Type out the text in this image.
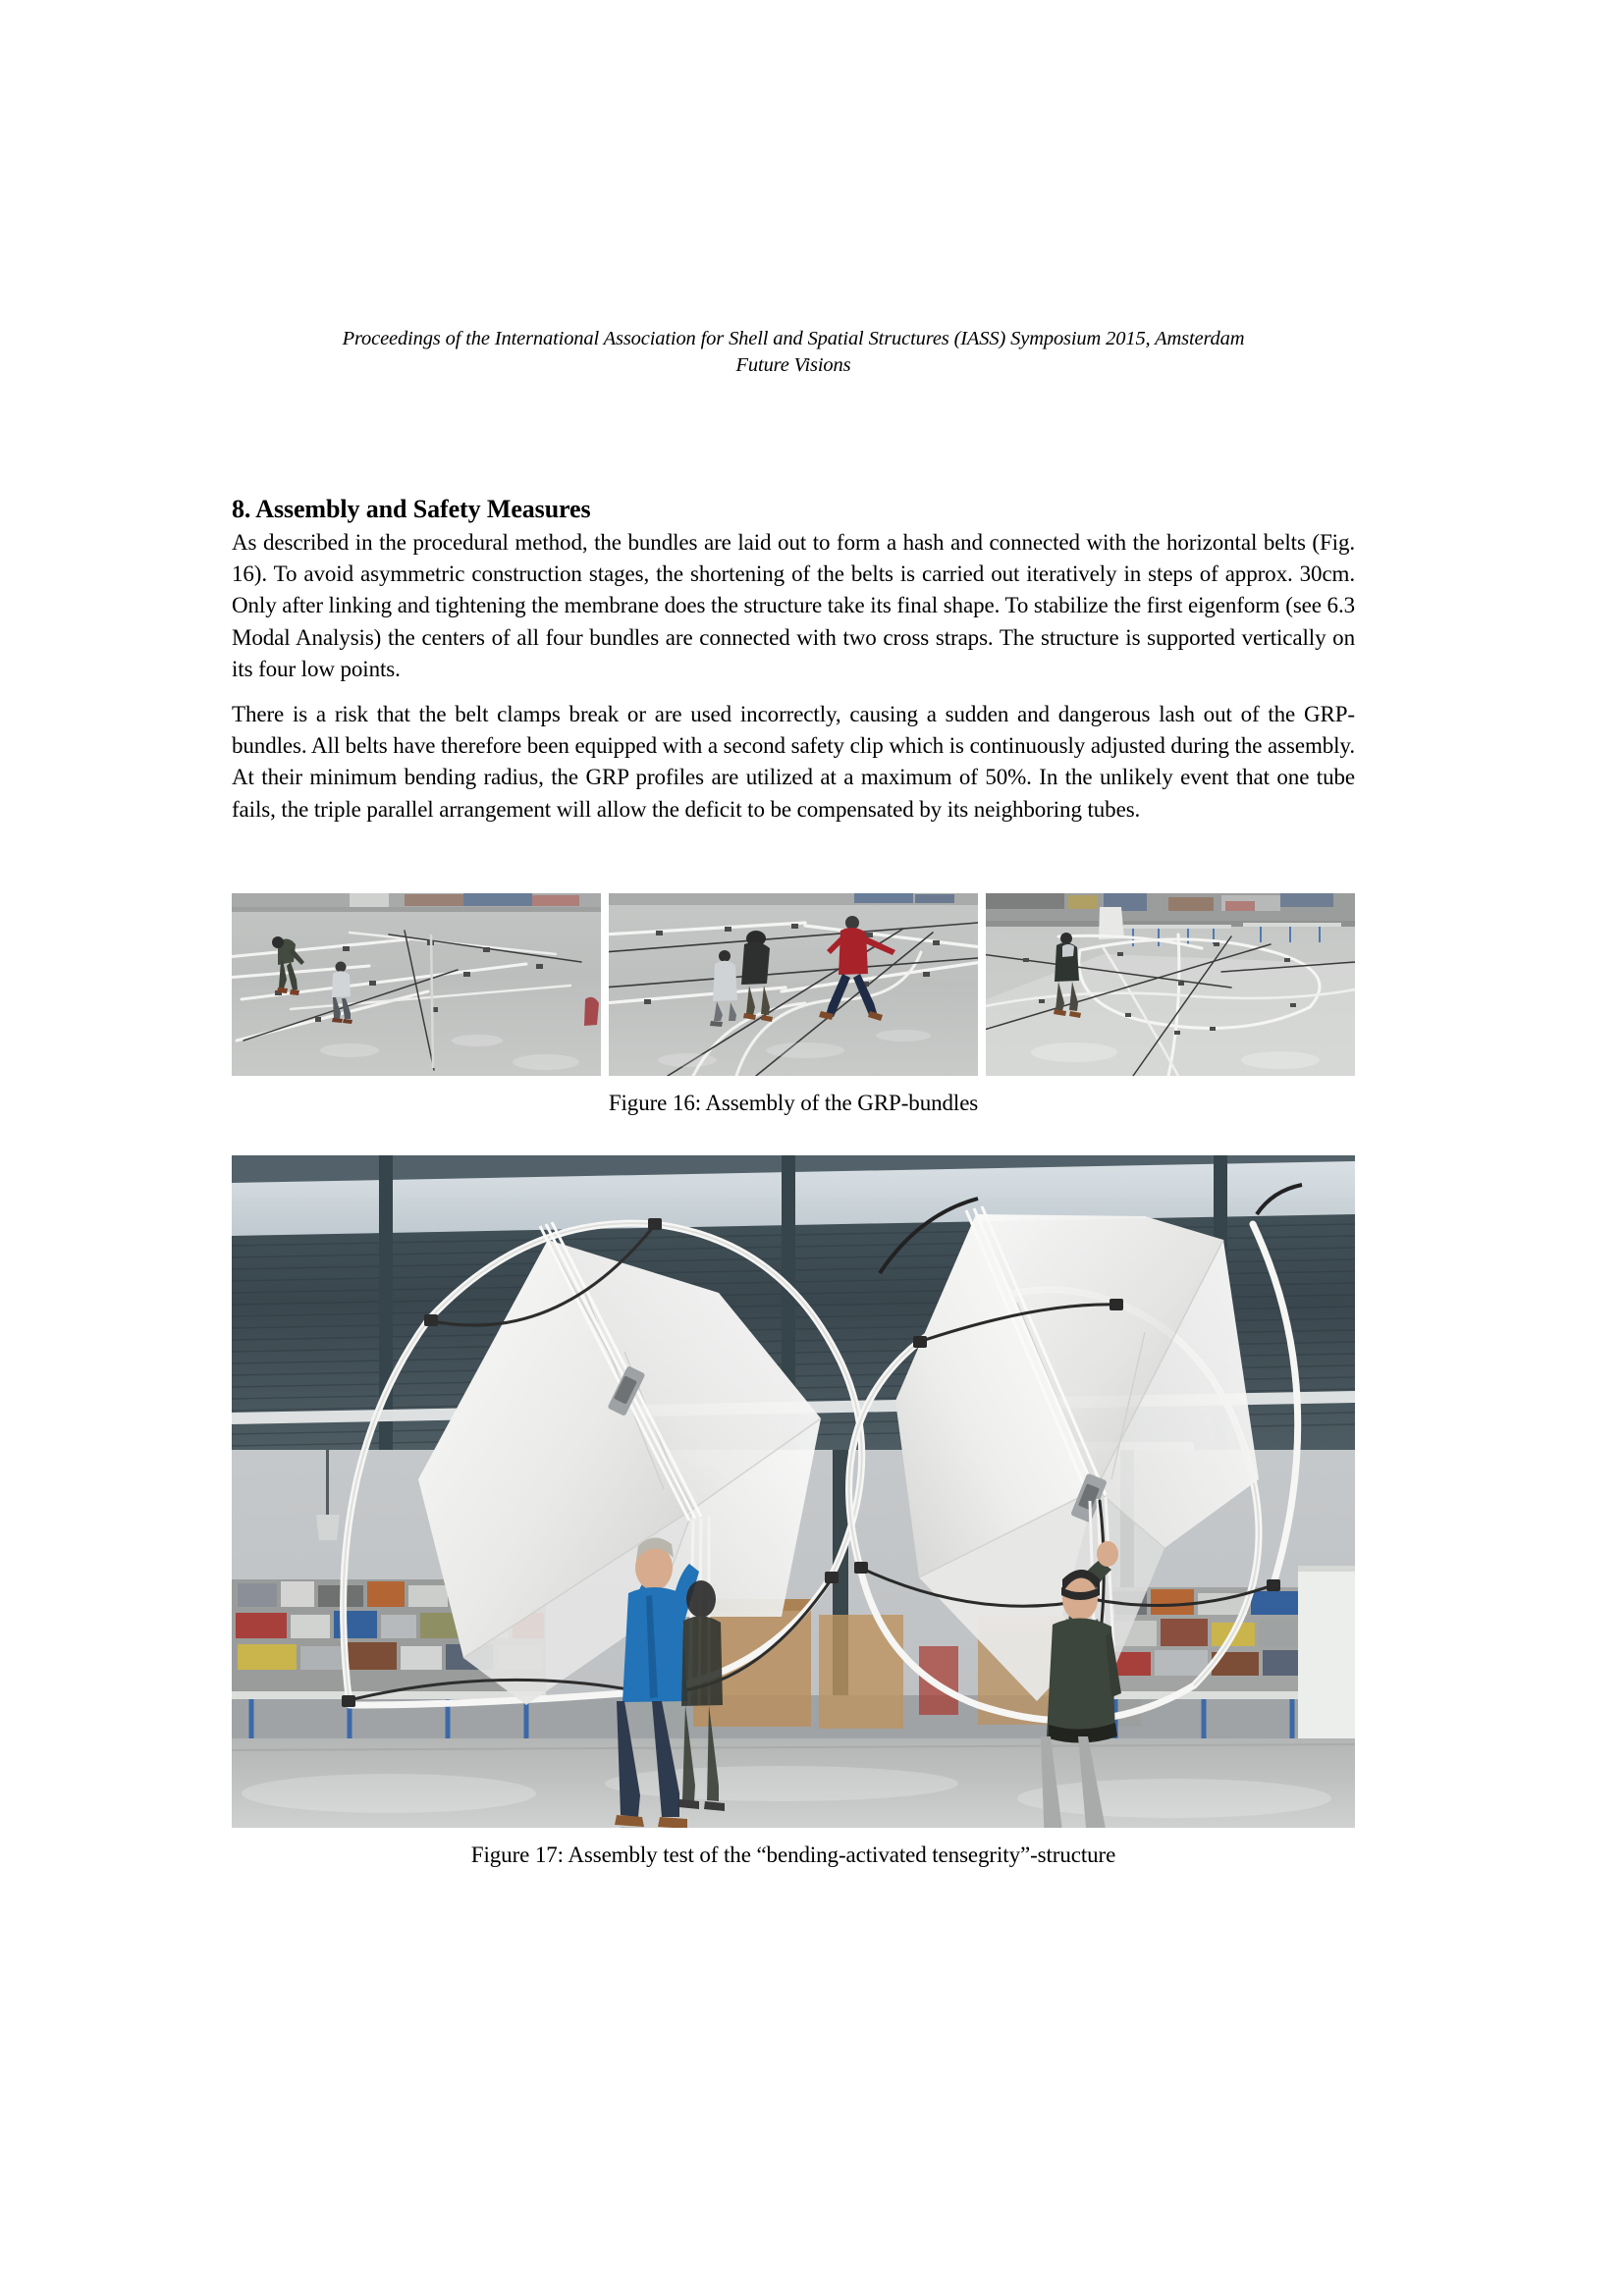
Proceedings of the International Association for Shell and Spatial Structures (IASS) Symposium 2015, Amsterdam
Future Visions
8. Assembly and Safety Measures

As described in the procedural method, the bundles are laid out to form a hash and connected with the horizontal belts (Fig. 16). To avoid asymmetric construction stages, the shortening of the belts is carried out iteratively in steps of approx. 30cm. Only after linking and tightening the membrane does the structure take its final shape. To stabilize the first eigenform (see 6.3 Modal Analysis) the centers of all four bundles are connected with two cross straps. The structure is supported vertically on its four low points.

There is a risk that the belt clamps break or are used incorrectly, causing a sudden and dangerous lash out of the GRP-bundles. All belts have therefore been equipped with a second safety clip which is continuously adjusted during the assembly. At their minimum bending radius, the GRP profiles are utilized at a maximum of 50%. In the unlikely event that one tube fails, the triple parallel arrangement will allow the deficit to be compensated by its neighboring tubes.

Figure 16: Assembly of the GRP-bundles
Figure 17: Assembly test of the “bending-activated tensegrity”-structure
